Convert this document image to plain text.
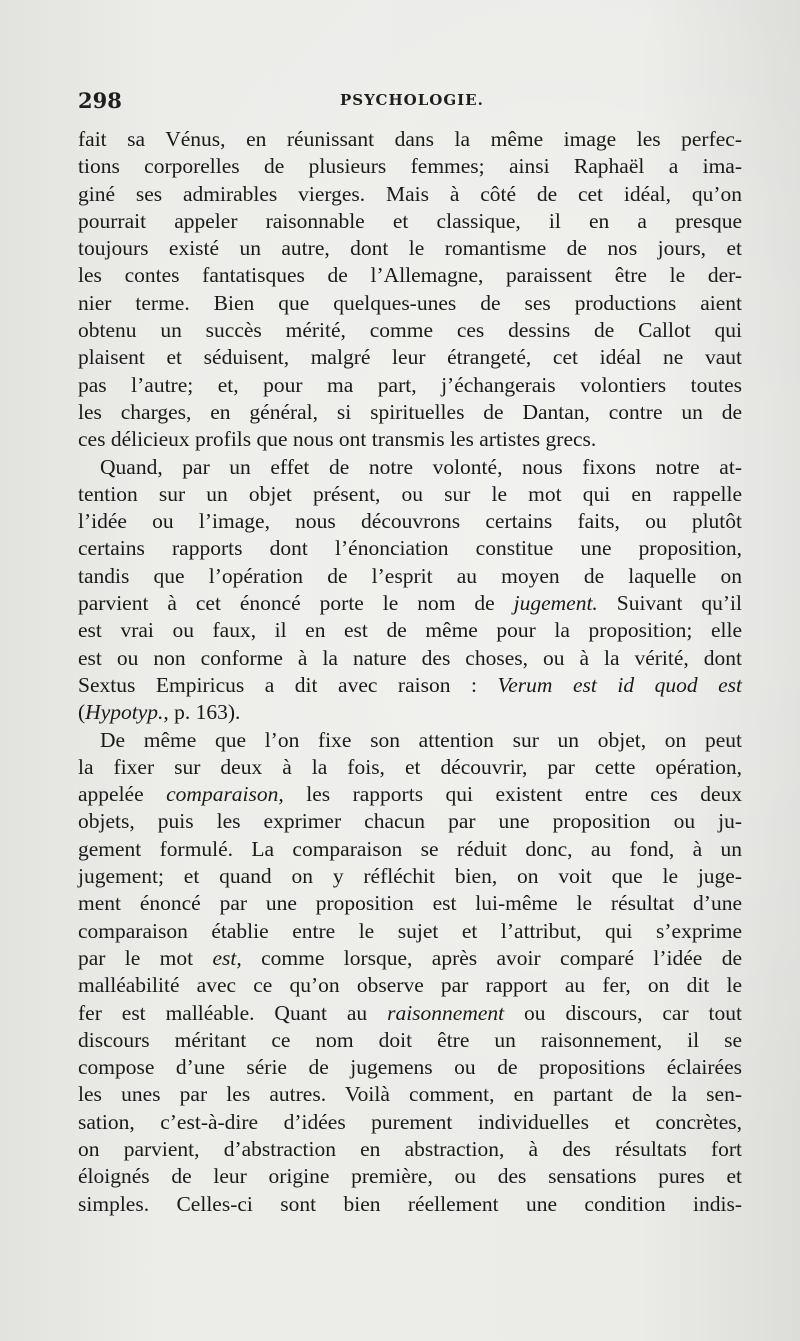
298	PSYCHOLOGIE.
fait sa Vénus, en réunissant dans la même image les perfec-
tions corporelles de plusieurs femmes; ainsi Raphaël a ima-
giné ses admirables vierges. Mais à côté de cet idéal, qu’on
pourrait appeler raisonnable et classique, il en a presque
toujours existé un autre, dont le romantisme de nos jours, et
les contes fantatisques de l’Allemagne, paraissent être le der-
nier terme. Bien que quelques-unes de ses productions aient
obtenu un succès mérité, comme ces dessins de Callot qui
plaisent et séduisent, malgré leur étrangeté, cet idéal ne vaut
pas l’autre; et, pour ma part, j’échangerais volontiers toutes
les charges, en général, si spirituelles de Dantan, contre un de
ces délicieux profils que nous ont transmis les artistes grecs.
Quand, par un effet de notre volonté, nous fixons notre at-
tention sur un objet présent, ou sur le mot qui en rappelle
l’idée ou l’image, nous découvrons certains faits, ou plutôt
certains rapports dont l’énonciation constitue une proposition,
tandis que l’opération de l’esprit au moyen de laquelle on
parvient à cet énoncé porte le nom de jugement. Suivant qu’il
est vrai ou faux, il en est de même pour la proposition; elle
est ou non conforme à la nature des choses, ou à la vérité, dont
Sextus Empiricus a dit avec raison : Verum est id quod est
(Hypotyp., p. 163).
De même que l’on fixe son attention sur un objet, on peut
la fixer sur deux à la fois, et découvrir, par cette opération,
appelée comparaison, les rapports qui existent entre ces deux
objets, puis les exprimer chacun par une proposition ou ju-
gement formulé. La comparaison se réduit donc, au fond, à un
jugement; et quand on y réfléchit bien, on voit que le juge-
ment énoncé par une proposition est lui-même le résultat d’une
comparaison établie entre le sujet et l’attribut, qui s’exprime
par le mot est, comme lorsque, après avoir comparé l’idée de
malléabilité avec ce qu’on observe par rapport au fer, on dit le
fer est malléable. Quant au raisonnement ou discours, car tout
discours méritant ce nom doit être un raisonnement, il se
compose d’une série de jugemens ou de propositions éclairées
les unes par les autres. Voilà comment, en partant de la sen-
sation, c’est-à-dire d’idées purement individuelles et concrètes,
on parvient, d’abstraction en abstraction, à des résultats fort
éloignés de leur origine première, ou des sensations pures et
simples. Celles-ci sont bien réellement une condition indis-
